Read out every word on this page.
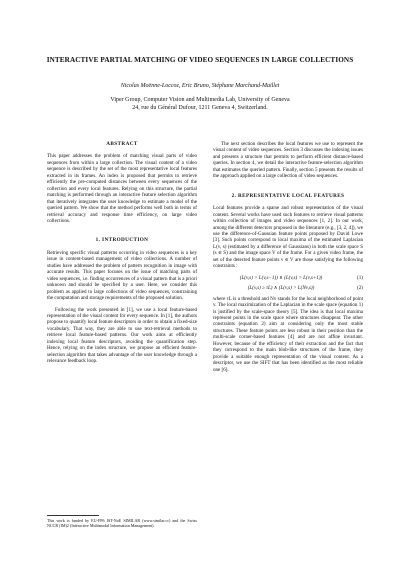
INTERACTIVE PARTIAL MATCHING OF VIDEO SEQUENCES IN LARGE COLLECTIONS
Nicolas Moënne-Loccoz, Eric Bruno, Stéphane Marchand-Maillet
Viper Group, Computer Vision and Multimedia Lab, University of Geneva
24, rue du Général Dufour, 1211 Geneva 4, Switzerland.
ABSTRACT
This paper addresses the problem of matching visual parts of video sequences from within a large collection. The visual content of a video sequence is described by the set of the most representative local features extracted in its frames. An index is proposed that permits to retrieve efficiently the pre-computed distances between every sequences of the collection and every local features. Relying on this structure, the partial matching is performed through an interactive feature selection algorithm that iteratively integrates the user knowledge to estimate a model of the queried pattern. We show that the method performs well both in terms of retrieval accuracy and response time efficiency, on large video collections.
1. INTRODUCTION
Retrieving specific visual patterns occurring in video sequences is a key issue in content-based management of video collections. A number of studies have addressed the problem of pattern recognition in image with accurate results. This paper focuses on the issue of matching parts of video sequences, i.e. finding occurrences of a visual pattern that is a priori unknown and should be specified by a user. Here, we consider this problem as applied to large collections of video sequences, constraining the computation and storage requirements of the proposed solution.
Following the work presented in [1], we use a local feature-based representation of the visual content for every sequence. In [1], the authors propose to quantify local feature descriptors in order to obtain a fixed-size vocabulary. That way, they are able to use text-retrieval methods to retrieve local feature-based patterns. Our work aims at efficiently indexing local feature descriptors, avoiding the quantification step. Hence, relying on the index structure, we propose an efficient feature-selection algorithm that takes advantage of the user knowledge through a relevance feedback loop.
The next section describes the local features we use to represent the visual content of video sequences. Section 3 discusses the indexing issues and presents a structure that permits to perform efficient distance-based queries. In section 4, we detail the interactive feature-selection algorithm that estimates the queried pattern. Finally, section 5 presents the results of the approach applied on a large collection of video sequences.
2. REPRESENTATIVE LOCAL FEATURES
Local features provide a sparse and robust representation of the visual content. Several works have used such features to retrieve visual patterns within collection of images and video sequences [1, 2]. In our work, among the different detectors proposed in the literature (e.g., [3, 2, 4]), we use the difference-of-Gaussian feature points proposed by David Lowe [3]. Such points correspond to local maxima of the estimated Laplacian L(v, s) (estimated by a difference of Gaussians) in both the scale space S (s ∈ S) and the image space V of the frame. For a given video frame, the set of the detected feature points v ∈ V are those satisfying the following constraints :
(L(v,s) > L(v,s−1)) ∧ (L(v,s) > L(v,s+1))	(1)
(L(v,s) ≥ τL) ∧ (L(v,s) > L(Nv,s))	(2)
where τL is a threshold and Nv stands for the local neighborhood of point v. The local maximization of the Laplacian in the scale space (equation 1) is justified by the scale-space theory [5]. The idea is that local maxima represent points in the scale space where structures disappear. The other constraints (equation 2) aim at considering only the most stable structures. These feature points are less robust in their position than the multi-scale corner-based features [4] and are not affine invariant. However, because of the efficiency of their extraction and the fact that they correspond to the main blob-like structures of the frame, they provide a suitable enough representation of the visual content. As a descriptor, we use the SIFT that has been identified as the most reliable one [6].
This work is funded by EU-FP6 IST-NoE SIMILAR (www.similar.cc) and the Swiss NCCR (IM)2 (Interactive Multimodal Information Management).
